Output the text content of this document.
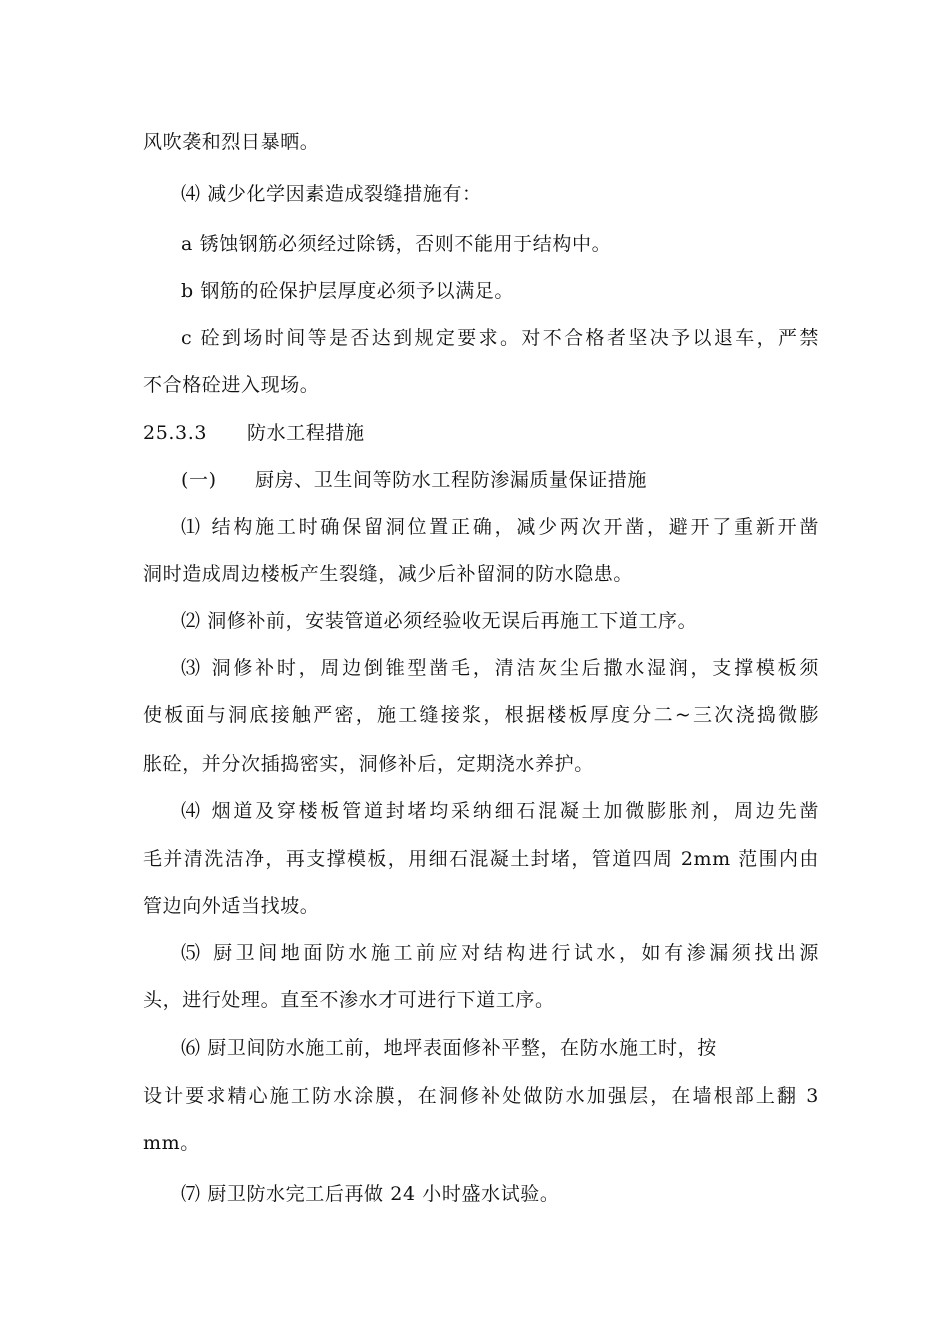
风吹袭和烈日暴晒。
⑷ 减少化学因素造成裂缝措施有：
a 锈蚀钢筋必须经过除锈，否则不能用于结构中。
b 钢筋的砼保护层厚度必须予以满足。
c 砼到场时间等是否达到规定要求。对不合格者坚决予以退车，严禁
不合格砼进入现场。
25.3.3 防水工程措施
(一) 厨房、卫生间等防水工程防渗漏质量保证措施
⑴ 结构施工时确保留洞位置正确，减少两次开凿，避开了重新开凿
洞时造成周边楼板产生裂缝，减少后补留洞的防水隐患。
⑵ 洞修补前，安装管道必须经验收无误后再施工下道工序。
⑶ 洞修补时，周边倒锥型凿毛，清洁灰尘后撒水湿润，支撑模板须
使板面与洞底接触严密，施工缝接浆，根据楼板厚度分二~三次浇捣微膨
胀砼，并分次插捣密实，洞修补后，定期浇水养护。
⑷ 烟道及穿楼板管道封堵均采纳细石混凝土加微膨胀剂，周边先凿
毛并清洗洁净，再支撑模板，用细石混凝土封堵，管道四周 2mm 范围内由
管边向外适当找坡。
⑸ 厨卫间地面防水施工前应对结构进行试水，如有渗漏须找出源
头，进行处理。直至不渗水才可进行下道工序。
⑹ 厨卫间防水施工前，地坪表面修补平整，在防水施工时，按
设计要求精心施工防水涂膜，在洞修补处做防水加强层，在墙根部上翻 3
mm。
⑺ 厨卫防水完工后再做 24 小时盛水试验。
